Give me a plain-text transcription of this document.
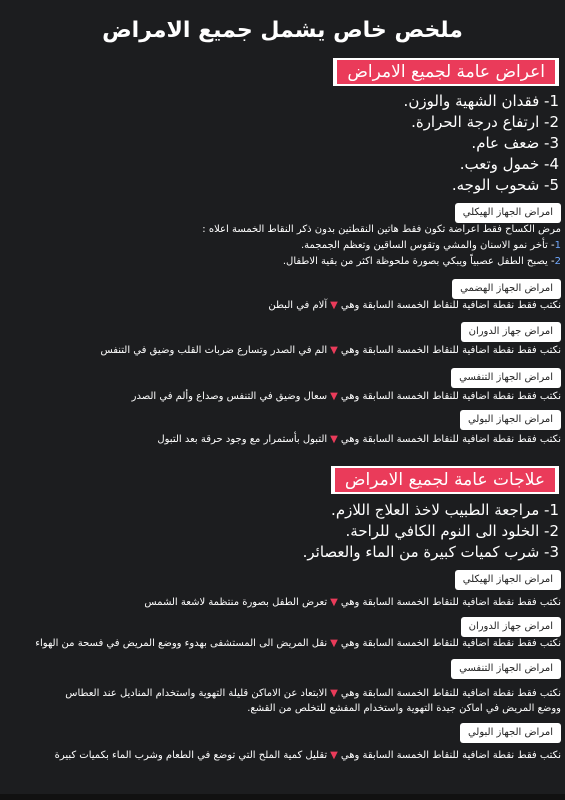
ملخص خاص يشمل جميع الامراض
اعراض عامة لجميع الامراض
1- فقدان الشهية والوزن.
2- ارتفاع درجة الحرارة.
3- ضعف عام.
4- خمول وتعب.
5- شحوب الوجه.
امراض الجهاز الهيكلي
مرض الكساح فقط اعراضة تكون فقط هاتين النقطتين بدون ذكر النقاط الخمسة اعلاه :
1- تأخر نمو الاسنان والمشي وتقوس الساقين وتعظم الجمجمة.
2- يصبح الطفل عصبياً ويبكي بصورة ملحوظة اكثر من بقية الاطفال.
امراض الجهاز الهضمي
نكتب فقط نقطة اضافية للنقاط الخمسة السابقة وهي▼آلام في البطن
امراض جهاز الدوران
نكتب فقط نقطة اضافية للنقاط الخمسة السابقة وهي▼الم في الصدر وتسارع ضربات القلب وضيق في التنفس
امراض الجهاز التنفسي
نكتب فقط نقطة اضافية للنقاط الخمسة السابقة وهي▼سعال وضيق في التنفس وصداع وألم في الصدر
امراض الجهاز البولي
نكتب فقط نقطة اضافية للنقاط الخمسة السابقة وهي▼التبول بأستمرار مع وجود حرقة بعد التبول
علاجات عامة لجميع الامراض
1- مراجعة الطبيب لاخذ العلاج اللازم.
2- الخلود الى النوم الكافي للراحة.
3- شرب كميات كبيرة من الماء والعصائر.
امراض الجهاز الهيكلي
نكتب فقط نقطة اضافية للنقاط الخمسة السابقة وهي▼تعرض الطفل بصورة منتظمة لاشعة الشمس
امراض جهاز الدوران
نكتب فقط نقطة اضافية للنقاط الخمسة السابقة وهي▼نقل المريض الى المستشفى بهدوء ووضع المريض في فسحة من الهواء
امراض الجهاز التنفسي
نكتب فقط نقطة اضافية للنقاط الخمسة السابقة وهي▼الابتعاد عن الاماكن قليلة التهوية واستخدام المناديل عند العطاس
ووضع المريض في اماكن جيدة التهوية واستخدام المفشع للتخلص من القشع.
امراض الجهاز البولي
نكتب فقط نقطة اضافية للنقاط الخمسة السابقة وهي▼تقليل كمية الملح التي توضع في الطعام وشرب الماء بكميات كبيرة
